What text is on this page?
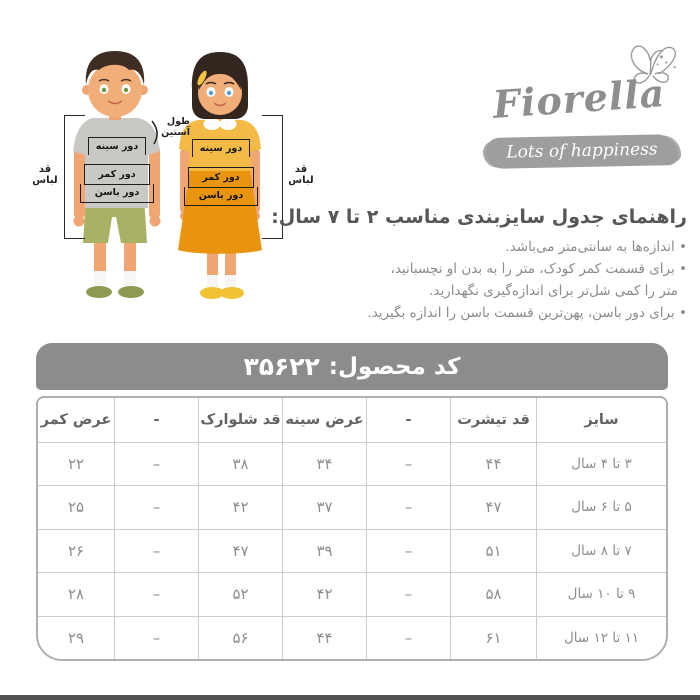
دور سینه
دور کمر
دور باسن
دور سینه
دور کمر
دور باسن
قد لباس
قد لباس
طول
آستین
Fiorella
Lots of happiness
راهنمای جدول سایزبندی مناسب ۲ تا ۷ سال:
• اندازه‌ها به سانتی‌متر می‌باشد.
• برای قسمت کمر کودک، متر را به بدن او نچسبانید،
متر را کمی شل‌تر برای اندازه‌گیری نگهدارید.
• برای دور باسن، پهن‌ترین قسمت باسن را اندازه بگیرید.
کد محصول:
۳۵۶۲۲
سایز
قد تیشرت
-
عرض سینه
قد شلوارک
-
عرض کمر
۳ تا ۴ سال
۴۴
–
۳۴
۳۸
–
۲۲
۵ تا ۶ سال
۴۷
–
۳۷
۴۲
–
۲۵
۷ تا ۸ سال
۵۱
–
۳۹
۴۷
–
۲۶
۹ تا ۱۰ سال
۵۸
–
۴۲
۵۲
–
۲۸
۱۱ تا ۱۲ سال
۶۱
–
۴۴
۵۶
–
۲۹
